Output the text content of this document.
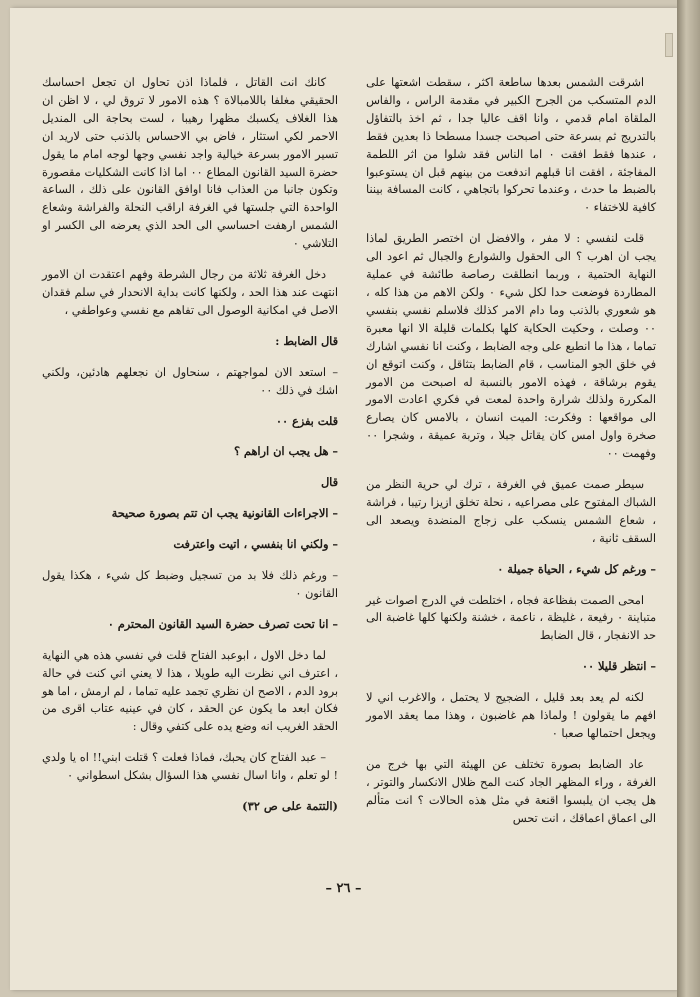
اشرقت الشمس بعدها ساطعة اكثر ، سقطت اشعتها على الدم المتسكب من الجرح الكبير في مقدمة الراس ، والفاس الملقاة امام قدمي ، وانا اقف عاليا جدا ، ثم اخذ بالتفاؤل بالتدريج ثم بسرعة حتى اصبحت جسدا مسطحا ذا بعدين فقط ، عندها فقط افقت ٠ اما الناس فقد شلوا من اثر اللطمة المفاجئة ، افقت انا قبلهم اندفعت من بينهم قبل ان يستوعبوا بالضبط ما حدث ، وعندما تحركوا باتجاهي ، كانت المسافة بيننا كافية للاختفاء ٠

قلت لنفسي : لا مفر ، والافضل ان اختصر الطريق لماذا يجب ان اهرب ؟ الى الحقول والشوارع والجبال ثم اعود الى النهاية الحتمية ، وربما انطلقت رصاصة طائشة في عملية المطاردة فوضعت حدا لكل شيء ٠ ولكن الاهم من هذا كله ، هو شعوري بالذنب وما دام الامر كذلك فلاسلم نفسي بنفسي ٠٠ وصلت ، وحكيت الحكاية كلها بكلمات قليلة الا انها معبرة تماما ، هذا ما انطبع على وجه الضابط ، وكنت انا نفسي اشارك في خلق الجو المناسب ، قام الضابط بتثاقل ، وكنت اتوقع ان يقوم برشاقة ، فهذه الامور بالنسبة له اصبحت من الامور المكررة ولذلك شرارة واحدة لمعت في فكري اعادت الامور الى مواقعها : وفكرت: الميت انسان ، بالامس كان يصارع صخرة واول امس كان يقاتل جبلا ، وتربة عميقة ، وشجرا ٠٠ وفهمت ٠٠

سيطر صمت عميق في الغرفة ، ترك لي حرية النظر من الشباك المفتوح على مصراعيه ، نحلة تخلق ازيزا رتيبا ، فراشة ، شعاع الشمس ينسكب على زجاج المنضدة ويصعد الى السقف ثانية ،

– ورغم كل شيء ، الحياة جميلة ٠

امحى الصمت بفظاعة فجاه ، اختلطت في الدرج اصوات غير متباينة ٠ رفيعة ، غليظة ، ناعمة ، خشنة ولكنها كلها غاضبة الى حد الانفجار ، قال الضابط

– انتظر قليلا ٠٠

لكنه لم يعد بعد قليل ، الضجيج لا يحتمل ، والاغرب اني لا افهم ما يقولون ! ولماذا هم غاضبون ، وهذا مما يعقد الامور ويجعل احتمالها صعبا ٠

عاد الضابط بصورة تختلف عن الهيئة التي بها خرج من الغرفة ، وراء المظهر الجاد كنت المح ظلال الانكسار والتوتر ، هل يجب ان يلبسوا اقنعة في مثل هذه الحالات ؟ انت متألم الى اعماق اعماقك ، انت تحس

كانك انت القاتل ، فلماذا اذن تحاول ان تجعل احساسك الحقيقي مغلفا باللامبالاة ؟ هذه الامور لا تروق لي ، لا اظن ان هذا الغلاف يكسبك مظهرا رهيبا ، لست بحاجة الى المنديل الاحمر لكي استثار ، فاض بي الاحساس بالذنب حتى لاريد ان تسير الامور بسرعة خيالية واجد نفسي وجها لوجه امام ما يقول حضرة السيد القانون المطاع ٠٠ اما اذا كانت الشكليات مقصورة وتكون جانبا من العذاب فانا اوافق القانون على ذلك ، الساعة الواحدة التي جلستها في الغرفة اراقب النحلة والفراشة وشعاع الشمس ارهفت احساسي الى الحد الذي يعرضه الى الكسر او التلاشي ٠

دخل الغرفة ثلاثة من رجال الشرطة وفهم اعتقدت ان الامور انتهت عند هذا الحد ، ولكنها كانت بداية الانحدار في سلم فقدان الاصل في امكانية الوصول الى تفاهم مع نفسي وعواطفي ،

قال الضابط :

– استعد الان لمواجهتم ، سنحاول ان نجعلهم هادئين، ولكني اشك في ذلك ٠٠

قلت بفزع ٠٠

– هل يجب ان اراهم ؟

قال

– الاجراءات القانونية يجب ان تتم بصورة صحيحة

– ولكني انا بنفسي ، اتيت واعترفت

– ورغم ذلك فلا بد من تسجيل وضبط كل شيء ، هكذا يقول القانون ٠

– انا تحت تصرف حضرة السيد القانون المحترم ٠

لما دخل الاول ، ابوعبد الفتاح قلت في نفسي هذه هي النهاية ، اعترف اني نظرت اليه طويلا ، هذا لا يعني اني كنت في حالة برود الدم ، الاصح ان نظري تجمد عليه تماما ، لم ارمش ، اما هو فكان ابعد ما يكون عن الحقد ، كان في عينيه عتاب اقرى من الحقد الغريب انه وضع يده على كتفي وقال :

– عبد الفتاح كان يحبك، فماذا فعلت ؟ قتلت ابني!! اه يا ولدي ! لو تعلم ، وانا اسال نفسي هذا السؤال بشكل اسطواني ٠

(التتمة على ص ٣٢)
– ٢٦ –
